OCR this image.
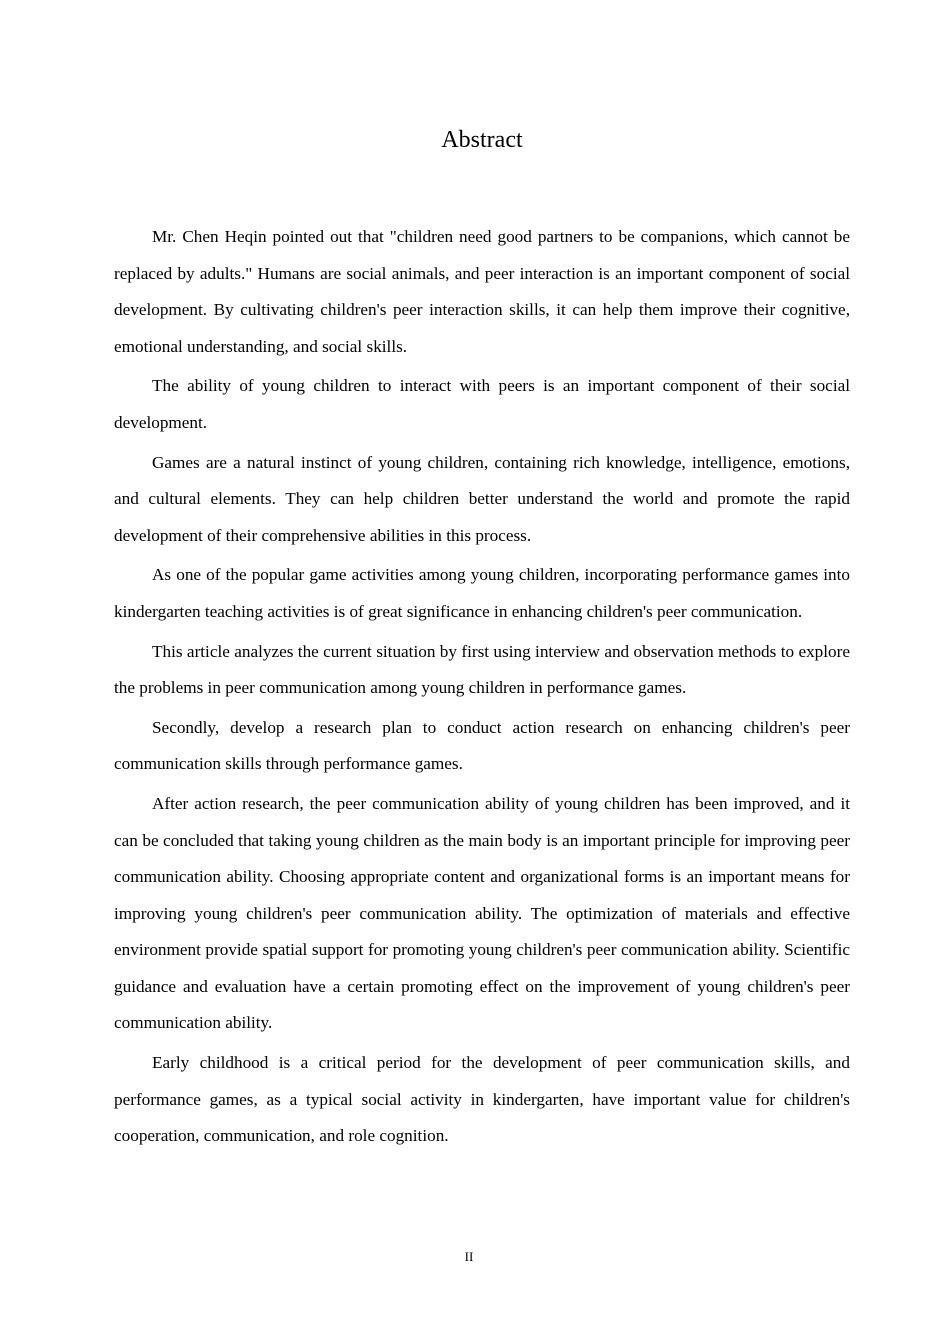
Abstract

Mr. Chen Heqin pointed out that "children need good partners to be companions, which cannot be replaced by adults." Humans are social animals, and peer interaction is an important component of social development. By cultivating children's peer interaction skills, it can help them improve their cognitive, emotional understanding, and social skills.

The ability of young children to interact with peers is an important component of their social development.

Games are a natural instinct of young children, containing rich knowledge, intelligence, emotions, and cultural elements. They can help children better understand the world and promote the rapid development of their comprehensive abilities in this process.

As one of the popular game activities among young children, incorporating performance games into kindergarten teaching activities is of great significance in enhancing children's peer communication.

This article analyzes the current situation by first using interview and observation methods to explore the problems in peer communication among young children in performance games.

Secondly, develop a research plan to conduct action research on enhancing children's peer communication skills through performance games.

After action research, the peer communication ability of young children has been improved, and it can be concluded that taking young children as the main body is an important principle for improving peer communication ability. Choosing appropriate content and organizational forms is an important means for improving young children's peer communication ability. The optimization of materials and effective environment provide spatial support for promoting young children's peer communication ability. Scientific guidance and evaluation have a certain promoting effect on the improvement of young children's peer communication ability.

Early childhood is a critical period for the development of peer communication skills, and performance games, as a typical social activity in kindergarten, have important value for children's cooperation, communication, and role cognition.

II
